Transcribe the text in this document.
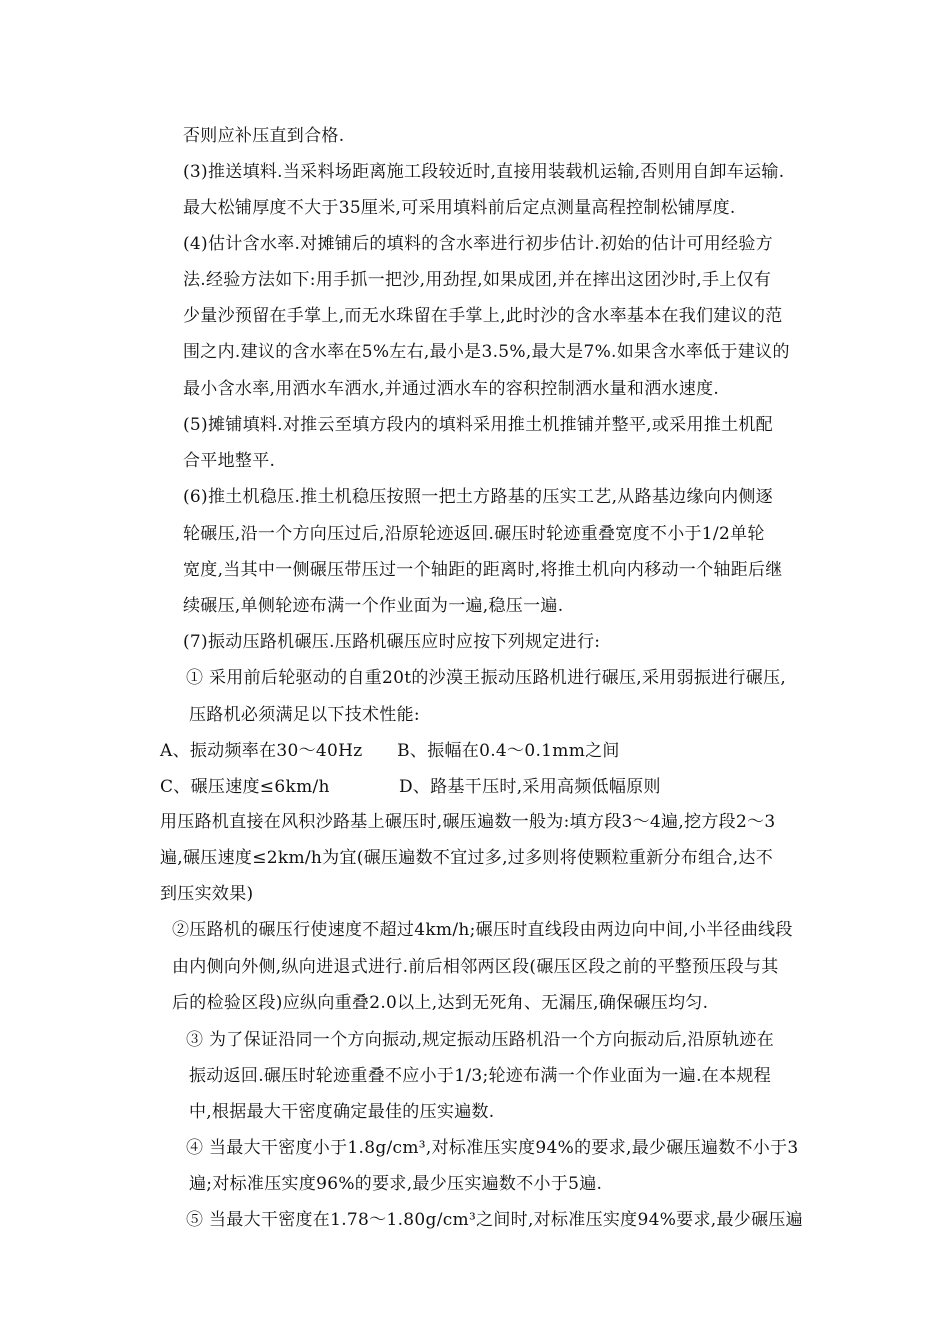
否则应补压直到合格.
(3)推送填料.当采料场距离施工段较近时,直接用装载机运输,否则用自卸车运输.
最大松铺厚度不大于35厘米,可采用填料前后定点测量高程控制松铺厚度.
(4)估计含水率.对摊铺后的填料的含水率进行初步估计.初始的估计可用经验方
法.经验方法如下:用手抓一把沙,用劲捏,如果成团,并在摔出这团沙时,手上仅有
少量沙预留在手掌上,而无水珠留在手掌上,此时沙的含水率基本在我们建议的范
围之内.建议的含水率在5%左右,最小是3.5%,最大是7%.如果含水率低于建议的
最小含水率,用洒水车洒水,并通过洒水车的容积控制洒水量和洒水速度.
(5)摊铺填料.对推云至填方段内的填料采用推土机推铺并整平,或采用推土机配
合平地整平.
(6)推土机稳压.推土机稳压按照一把土方路基的压实工艺,从路基边缘向内侧逐
轮碾压,沿一个方向压过后,沿原轮迹返回.碾压时轮迹重叠宽度不小于1/2单轮
宽度,当其中一侧碾压带压过一个轴距的距离时,将推土机向内移动一个轴距后继
续碾压,单侧轮迹布满一个作业面为一遍,稳压一遍.
(7)振动压路机碾压.压路机碾压应时应按下列规定进行:
① 采用前后轮驱动的自重20t的沙漠王振动压路机进行碾压,采用弱振进行碾压,
压路机必须满足以下技术性能:
A、振动频率在30～40Hz　　B、振幅在0.4～0.1mm之间
C、碾压速度≤6km/h　　　　D、路基干压时,采用高频低幅原则
用压路机直接在风积沙路基上碾压时,碾压遍数一般为:填方段3～4遍,挖方段2～3
遍,碾压速度≤2km/h为宜(碾压遍数不宜过多,过多则将使颗粒重新分布组合,达不
到压实效果)
②压路机的碾压行使速度不超过4km/h;碾压时直线段由两边向中间,小半径曲线段
由内侧向外侧,纵向进退式进行.前后相邻两区段(碾压区段之前的平整预压段与其
后的检验区段)应纵向重叠2.0以上,达到无死角、无漏压,确保碾压均匀.
③ 为了保证沿同一个方向振动,规定振动压路机沿一个方向振动后,沿原轨迹在
振动返回.碾压时轮迹重叠不应小于1/3;轮迹布满一个作业面为一遍.在本规程
中,根据最大干密度确定最佳的压实遍数.
④ 当最大干密度小于1.8g/cm³,对标准压实度94%的要求,最少碾压遍数不小于3
遍;对标准压实度96%的要求,最少压实遍数不小于5遍.
⑤ 当最大干密度在1.78～1.80g/cm³之间时,对标准压实度94%要求,最少碾压遍
